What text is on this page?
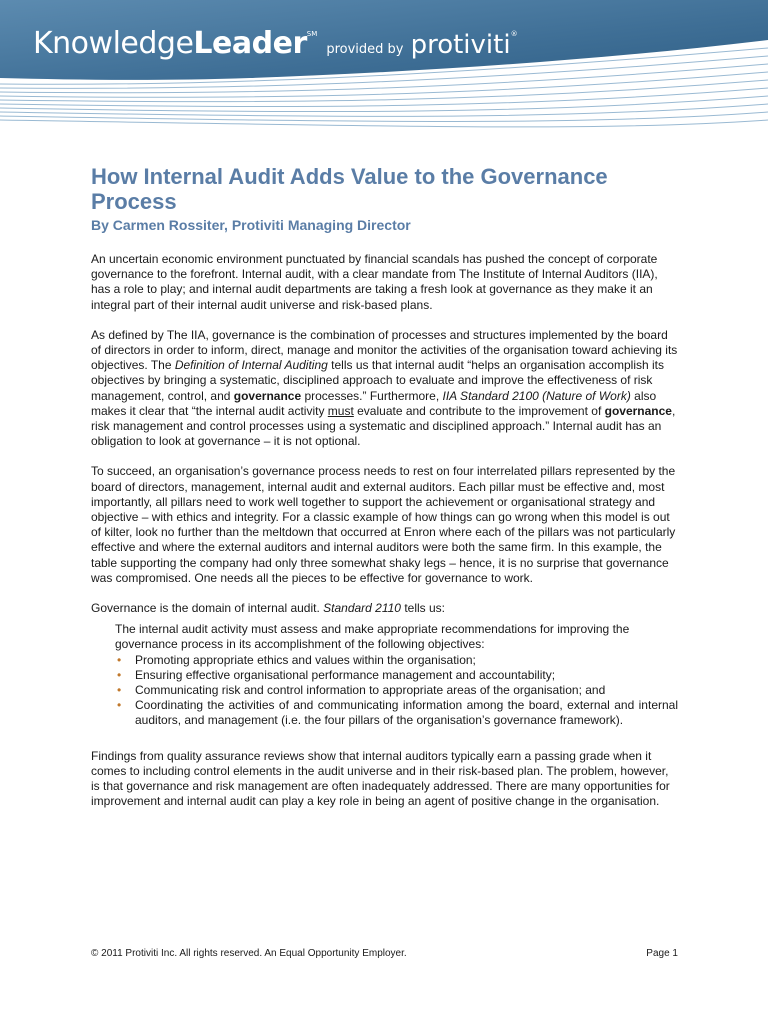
KnowledgeLeader℠ provided by protiviti®
How Internal Audit Adds Value to the Governance Process
By Carmen Rossiter, Protiviti Managing Director

An uncertain economic environment punctuated by financial scandals has pushed the concept of corporate governance to the forefront. Internal audit, with a clear mandate from The Institute of Internal Auditors (IIA), has a role to play; and internal audit departments are taking a fresh look at governance as they make it an integral part of their internal audit universe and risk-based plans.

As defined by The IIA, governance is the combination of processes and structures implemented by the board of directors in order to inform, direct, manage and monitor the activities of the organisation toward achieving its objectives. The Definition of Internal Auditing tells us that internal audit “helps an organisation accomplish its objectives by bringing a systematic, disciplined approach to evaluate and improve the effectiveness of risk management, control, and governance processes.” Furthermore, IIA Standard 2100 (Nature of Work) also makes it clear that “the internal audit activity must evaluate and contribute to the improvement of governance, risk management and control processes using a systematic and disciplined approach.” Internal audit has an obligation to look at governance – it is not optional.

To succeed, an organisation’s governance process needs to rest on four interrelated pillars represented by the board of directors, management, internal audit and external auditors. Each pillar must be effective and, most importantly, all pillars need to work well together to support the achievement or organisational strategy and objective – with ethics and integrity. For a classic example of how things can go wrong when this model is out of kilter, look no further than the meltdown that occurred at Enron where each of the pillars was not particularly effective and where the external auditors and internal auditors were both the same firm. In this example, the table supporting the company had only three somewhat shaky legs – hence, it is no surprise that governance was compromised. One needs all the pieces to be effective for governance to work.

Governance is the domain of internal audit. Standard 2110 tells us:

The internal audit activity must assess and make appropriate recommendations for improving the governance process in its accomplishment of the following objectives:

• Promoting appropriate ethics and values within the organisation;
• Ensuring effective organisational performance management and accountability;
• Communicating risk and control information to appropriate areas of the organisation; and
• Coordinating the activities of and communicating information among the board, external and internal auditors, and management (i.e. the four pillars of the organisation’s governance framework).

Findings from quality assurance reviews show that internal auditors typically earn a passing grade when it comes to including control elements in the audit universe and in their risk-based plan. The problem, however, is that governance and risk management are often inadequately addressed. There are many opportunities for improvement and internal audit can play a key role in being an agent of positive change in the organisation.

© 2011 Protiviti Inc. All rights reserved. An Equal Opportunity Employer.	Page 1
